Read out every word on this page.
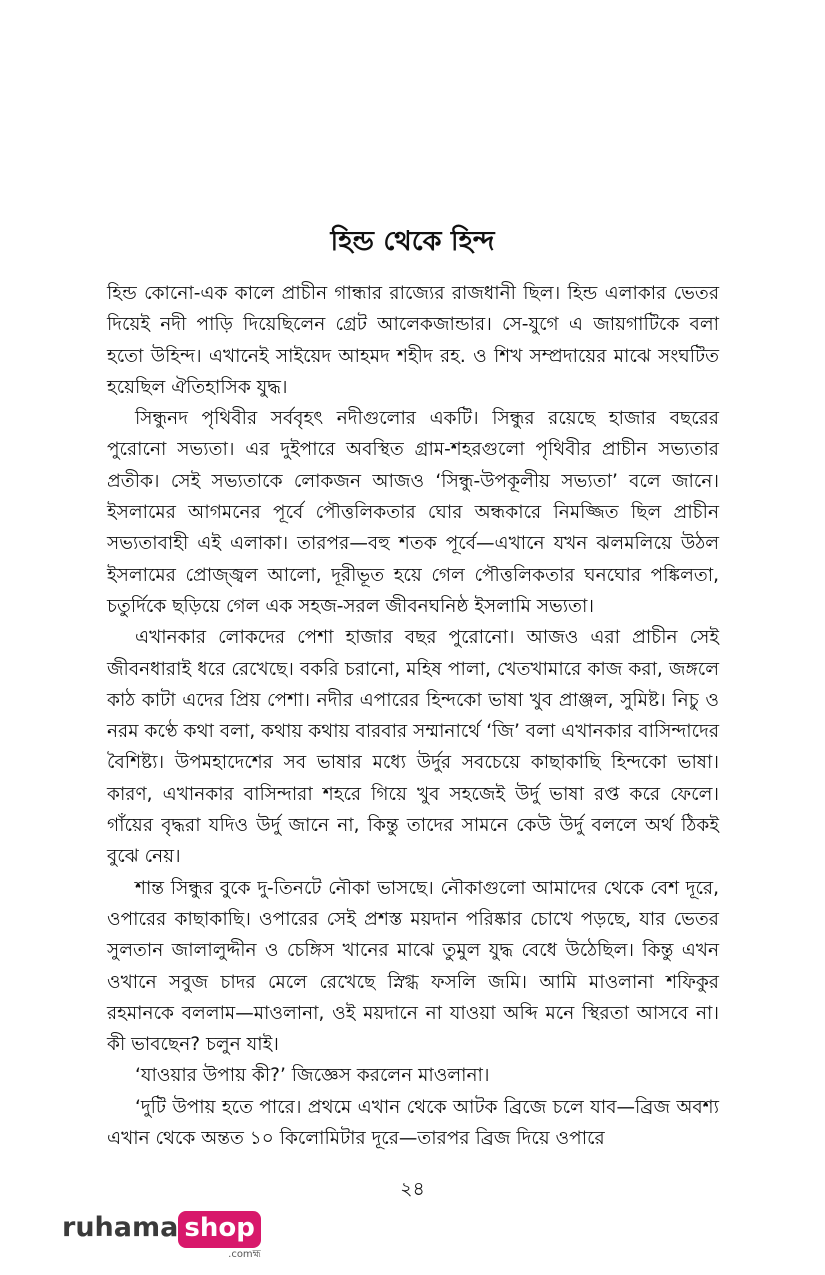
হিন্ড থেকে হিন্দ

হিন্ড কোনো-এক কালে প্রাচীন গান্ধার রাজ্যের রাজধানী ছিল। হিন্ড এলাকার ভেতর দিয়েই নদী পাড়ি দিয়েছিলেন গ্রেট আলেকজান্ডার। সে-যুগে এ জায়গাটিকে বলা হতো উহিন্দ। এখানেই সাইয়েদ আহমদ শহীদ রহ. ও শিখ সম্প্রদায়ের মাঝে সংঘটিত হয়েছিল ঐতিহাসিক যুদ্ধ।

সিন্ধুনদ পৃথিবীর সর্ববৃহৎ নদীগুলোর একটি। সিন্ধুর রয়েছে হাজার বছরের পুরোনো সভ্যতা। এর দুইপারে অবস্থিত গ্রাম-শহরগুলো পৃথিবীর প্রাচীন সভ্যতার প্রতীক। সেই সভ্যতাকে লোকজন আজও ‘সিন্ধু-উপকূলীয় সভ্যতা’ বলে জানে। ইসলামের আগমনের পূর্বে পৌত্তলিকতার ঘোর অন্ধকারে নিমজ্জিত ছিল প্রাচীন সভ্যতাবাহী এই এলাকা। তারপর—বহু শতক পূর্বে—এখানে যখন ঝলমলিয়ে উঠল ইসলামের প্রোজ্জ্বল আলো, দূরীভূত হয়ে গেল পৌত্তলিকতার ঘনঘোর পঙ্কিলতা, চতুর্দিকে ছড়িয়ে গেল এক সহজ-সরল জীবনঘনিষ্ঠ ইসলামি সভ্যতা।

এখানকার লোকদের পেশা হাজার বছর পুরোনো। আজও এরা প্রাচীন সেই জীবনধারাই ধরে রেখেছে। বকরি চরানো, মহিষ পালা, খেতখামারে কাজ করা, জঙ্গলে কাঠ কাটা এদের প্রিয় পেশা। নদীর এপারের হিন্দকো ভাষা খুব প্রাঞ্জল, সুমিষ্ট। নিচু ও নরম কণ্ঠে কথা বলা, কথায় কথায় বারবার সম্মানার্থে ‘জি’ বলা এখানকার বাসিন্দাদের বৈশিষ্ট্য। উপমহাদেশের সব ভাষার মধ্যে উর্দুর সবচেয়ে কাছাকাছি হিন্দকো ভাষা। কারণ, এখানকার বাসিন্দারা শহরে গিয়ে খুব সহজেই উর্দু ভাষা রপ্ত করে ফেলে। গাঁয়ের বৃদ্ধরা যদিও উর্দু জানে না, কিন্তু তাদের সামনে কেউ উর্দু বললে অর্থ ঠিকই বুঝে নেয়।

শান্ত সিন্ধুর বুকে দু-তিনটে নৌকা ভাসছে। নৌকাগুলো আমাদের থেকে বেশ দূরে, ওপারের কাছাকাছি। ওপারের সেই প্রশস্ত ময়দান পরিষ্কার চোখে পড়ছে, যার ভেতর সুলতান জালালুদ্দীন ও চেঙ্গিস খানের মাঝে তুমুল যুদ্ধ বেধে উঠেছিল। কিন্তু এখন ওখানে সবুজ চাদর মেলে রেখেছে স্নিগ্ধ ফসলি জমি। আমি মাওলানা শফিকুর রহমানকে বললাম—মাওলানা, ওই ময়দানে না যাওয়া অব্দি মনে স্থিরতা আসবে না। কী ভাবছেন? চলুন যাই।

‘যাওয়ার উপায় কী?’ জিজ্ঞেস করলেন মাওলানা।

‘দুটি উপায় হতে পারে। প্রথমে এখান থেকে আটক ব্রিজে চলে যাব—ব্রিজ অবশ্য এখান থেকে অন্তত ১০ কিলোমিটার দূরে—তারপর ব্রিজ দিয়ে ওপারে

২৪
ruhama shop
.comহ্ম
